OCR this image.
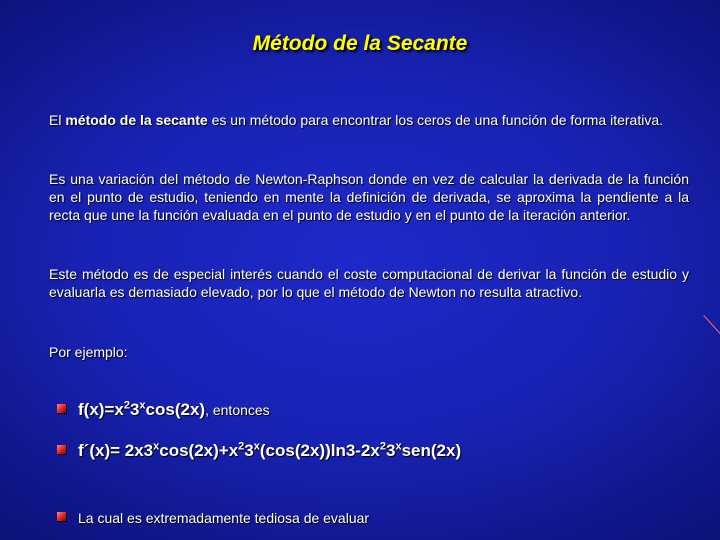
Método de la Secante
El método de la secante es un método para encontrar los ceros de una función de forma iterativa.
Es una variación del método de Newton-Raphson donde en vez de calcular la derivada de la función en el punto de estudio, teniendo en mente la definición de derivada, se aproxima la pendiente a la recta que une la función evaluada en el punto de estudio y en el punto de la iteración anterior.
Este método es de especial interés cuando el coste computacional de derivar la función de estudio y evaluarla es demasiado elevado, por lo que el método de Newton no resulta atractivo.
Por ejemplo:
$f(x)=x^23^x\cos(2x)$, entonces
f´(x)= $2x3^x\cos(2x)+x^23^x(\cos(2x))\ln 3-2x^23^xsen(2x)$
La cual es extremadamente tediosa de evaluar
